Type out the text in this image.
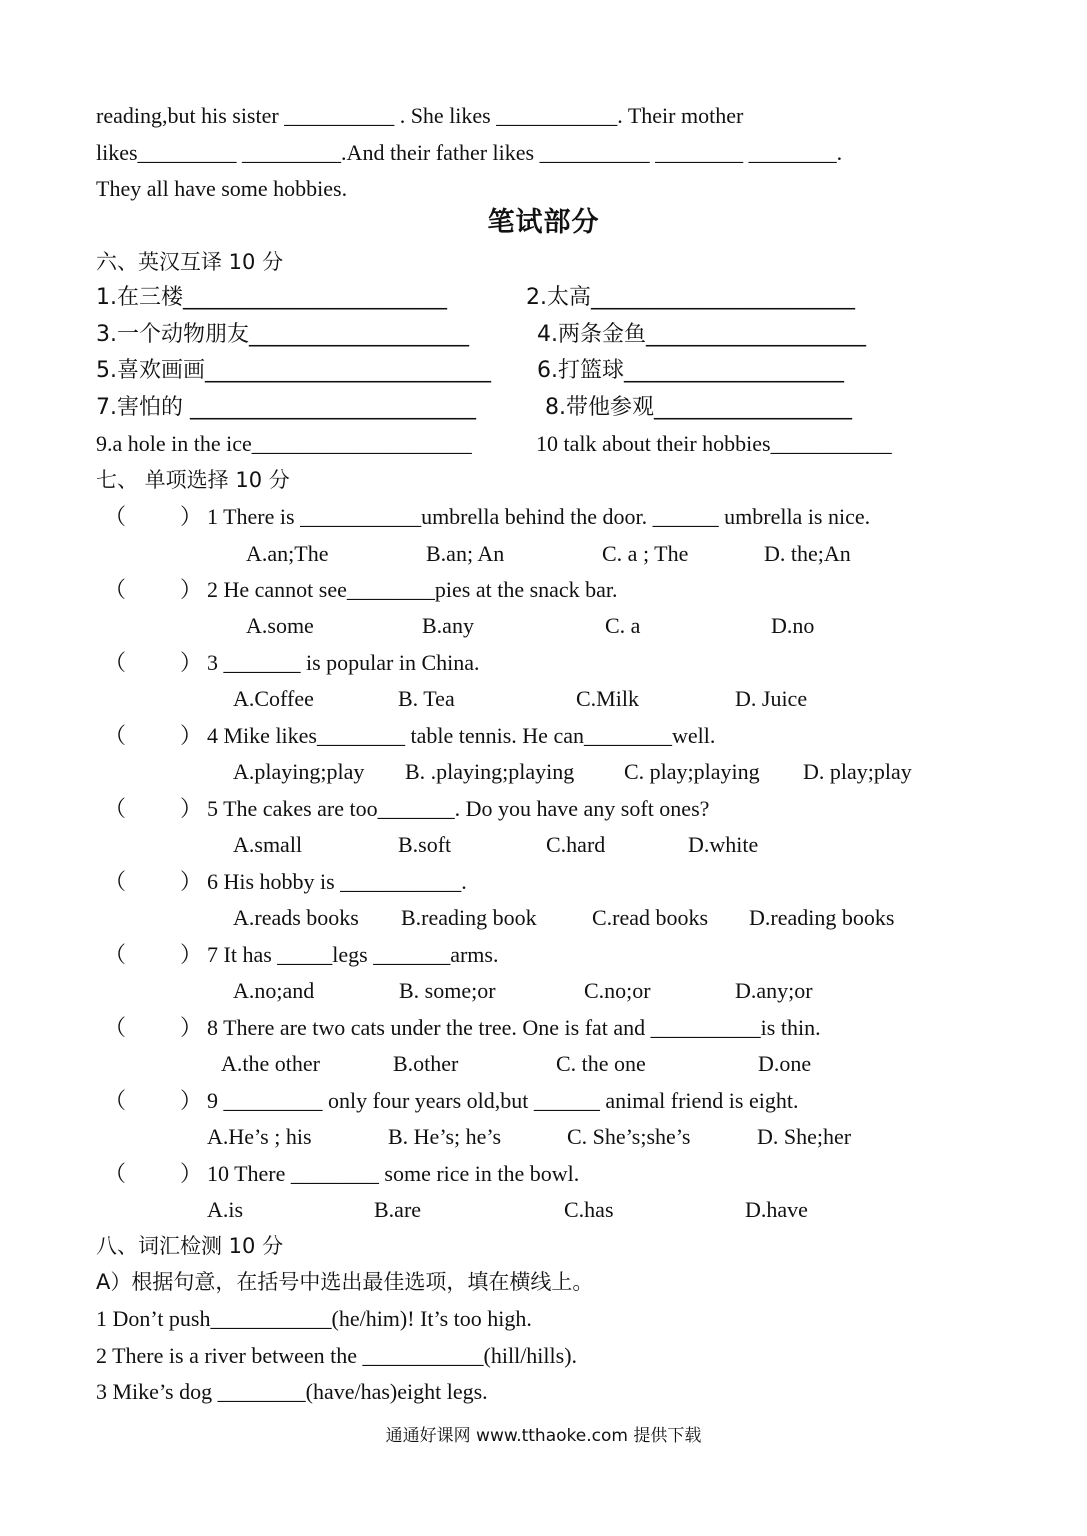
reading,but his sister __________ . She likes ___________. Their mother
likes_________ _________.And their father likes __________ ________ ________.
They all have some hobbies.
笔试部分
六、英汉互译 10 分
1.在三楼________________________	2.太高________________________
3.一个动物朋友____________________	4.两条金鱼____________________
5.喜欢画画__________________________ 6.打篮球____________________
7.害怕的 __________________________	8.带他参观__________________
9.a hole in the ice____________________	10 talk about their hobbies___________
七、 单项选择 10 分
（ ） 1 There is ___________umbrella behind the door. ______ umbrella is nice.
A.an;The	B.an; An	C. a ; The	D. the;An
（ ） 2 He cannot see________pies at the snack bar.
A.some	B.any	C. a	D.no
（ ） 3 _______ is popular in China.
A.Coffee	B. Tea	C.Milk	D. Juice
（ ） 4 Mike likes________ table tennis. He can________well.
A.playing;play B. .playing;playing C. play;playing D. play;play
（ ） 5 The cakes are too_______. Do you have any soft ones?
A.small	B.soft	C.hard	D.white
（ ） 6 His hobby is ___________.
A.reads books B.reading book	C.read books D.reading books
（ ） 7 It has _____legs _______arms.
A.no;and	B. some;or	C.no;or	D.any;or
（ ） 8 There are two cats under the tree. One is fat and __________is thin.
A.the other	B.other	C. the one	D.one
（ ） 9 _________ only four years old,but ______ animal friend is eight.
A.He’s ; his	B. He’s; he’s	C. She’s;she’s	D. She;her
（ ） 10 There ________ some rice in the bowl.
A.is	B.are	C.has	D.have
八、词汇检测 10 分
A）根据句意，在括号中选出最佳选项，填在横线上。
1 Don’t push___________(he/him)! It’s too high.
2 There is a river between the ___________(hill/hills).
3 Mike’s dog ________(have/has)eight legs.
通通好课网 www.tthaoke.com 提供下载
